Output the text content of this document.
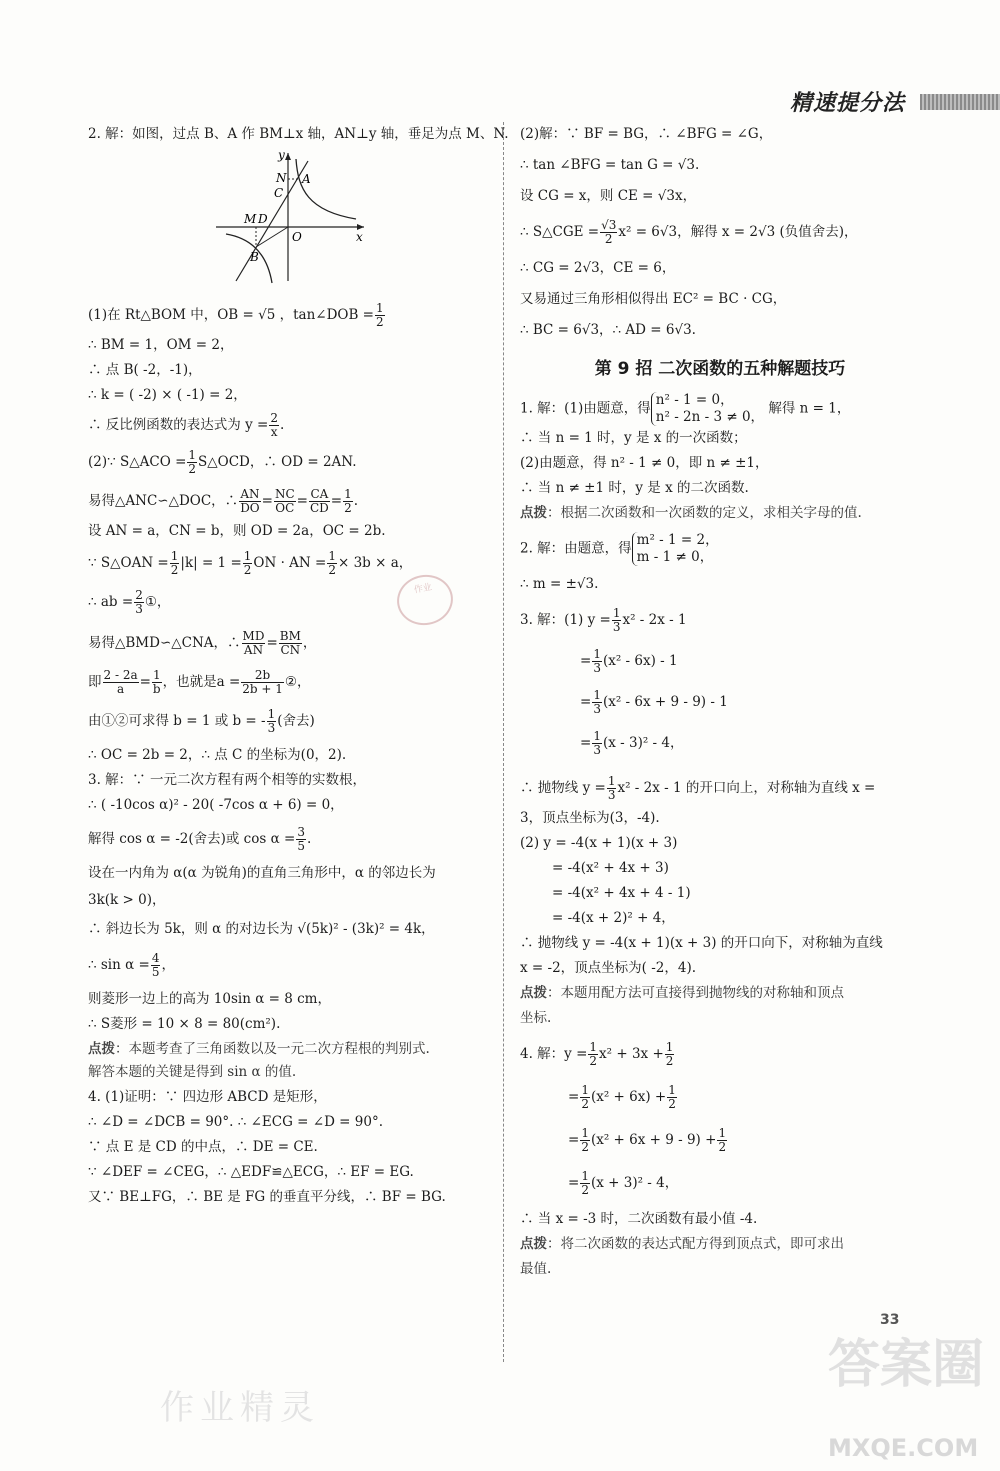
精速提分法

2. 解：如图，过点 B、A 作 BM⊥x 轴，AN⊥y 轴，垂足为点 M、N.

y
x
O
A
B
C
D
M
N

(1)在 Rt△BOM 中，OB = √5 ，tan∠DOB = $\frac{1}{2}$

∴ BM = 1，OM = 2，

∴ 点 B( -2，-1)，

∴ k = ( -2) × ( -1) = 2，

∴ 反比例函数的表达式为 $y = \frac{2}{x}$ .

(2)∵ S△ACO = $\frac{1}{2}$ S△OCD，∴ OD = 2AN.

易得△ANC∽△DOC，∴ $\frac{AN}{DO} = \frac{NC}{OC} = \frac{CA}{CD} = \frac{1}{2}$ .

设 AN = a，CN = b，则 OD = 2a，OC = 2b.

∵ S△OAN = $\frac{1}{2} |k| = 1 = \frac{1}{2}$ ON · AN = $\frac{1}{2} \times 3b \times a$，

∴ ab = $\frac{2}{3}$ ①，

易得△BMD∽△CNA，∴ $\frac{MD}{AN} = \frac{BM}{CN}$ ，

即 $\frac{2 - 2a}{a} = \frac{1}{b}$ ，也就是$a = \frac{2b}{2b + 1}$ ②，

由①②可求得 b = 1 或 b = - $\frac{1}{3}$ (舍去)

∴ OC = 2b = 2，∴ 点 C 的坐标为(0，2).

3. 解：∵ 一元二次方程有两个相等的实数根，

∴ ( -10cos α)² - 20( -7cos α + 6) = 0，

解得 cos α = -2(舍去)或 $\cos \alpha = \frac{3}{5}$ .

设在一内角为 α(α 为锐角)的直角三角形中，α 的邻边长为

3k(k > 0)，

∴ 斜边长为 5k，则 α 的对边长为 √(5k)² - (3k)² = 4k，

∴ $\sin \alpha = \frac{4}{5}$ ，

则菱形一边上的高为 10sin α = 8 cm，

∴ S菱形 = 10 × 8 = 80(cm²).

点拨：本题考查了三角函数以及一元二次方程根的判别式.

解答本题的关键是得到 sin α 的值.

4. (1)证明：∵ 四边形 ABCD 是矩形，

∴ ∠D = ∠DCB = 90°. ∴ ∠ECG = ∠D = 90°.

∵ 点 E 是 CD 的中点，∴ DE = CE.

∵ ∠DEF = ∠CEG，∴ △EDF≌△ECG，∴ EF = EG.

又∵ BE⊥FG，∴ BE 是 FG 的垂直平分线，∴ BF = BG.

(2)解：∵ BF = BG，∴ ∠BFG = ∠G，

∴ tan ∠BFG = tan G = √3.

设 CG = x，则 CE = √3x，

∴ S△CGE = $\frac{√3}{2} x^2 = 6√3$，解得 x = 2√3 (负值舍去)，

∴ CG = 2√3，CE = 6，

又易通过三角形相似得出 EC² = BC · CG，

∴ BC = 6√3，∴ AD = 6√3.

第 9 招 二次函数的五种解题技巧

1. 解：(1)由题意，得
n² - 1 = 0，
n² - 2n - 3 ≠ 0，
解得 n = 1，

∴ 当 n = 1 时，y 是 x 的一次函数；

(2)由题意，得 n² - 1 ≠ 0，即 n ≠ ±1，

∴ 当 n ≠ ±1 时，y 是 x 的二次函数.

点拨：根据二次函数和一次函数的定义，求相关字母的值.

2. 解：由题意，得
m² - 1 = 2，
m - 1 ≠ 0，

∴ m = ±√3.

3. 解：(1) $y = \frac{1}{3} x^2 - 2x - 1$

= $\frac{1}{3} (x^2 - 6x) - 1$

= $\frac{1}{3} (x^2 - 6x + 9 - 9) - 1$

= $\frac{1}{3} (x - 3)^2 - 4$，

∴ 抛物线 $y = \frac{1}{3} x^2 - 2x - 1$ 的开口向上，对称轴为直线 x =

3，顶点坐标为(3，-4).

(2) y = -4(x + 1)(x + 3)

= -4(x² + 4x + 3)

= -4(x² + 4x + 4 - 1)

= -4(x + 2)² + 4，

∴ 抛物线 y = -4(x + 1)(x + 3) 的开口向下，对称轴为直线

x = -2，顶点坐标为( -2，4).

点拨：本题用配方法可直接得到抛物线的对称轴和顶点

坐标.

4. 解：$y = \frac{1}{2} x^2 + 3x + \frac{1}{2}$

= $\frac{1}{2} (x^2 + 6x) + \frac{1}{2}$

= $\frac{1}{2} (x^2 + 6x + 9 - 9) + \frac{1}{2}$

= $\frac{1}{2} (x + 3)^2 - 4$，

∴ 当 x = -3 时，二次函数有最小值 -4.

点拨：将二次函数的表达式配方得到顶点式，即可求出

最值.

作业
33
作业精灵
答案圈
MXQE.COM
